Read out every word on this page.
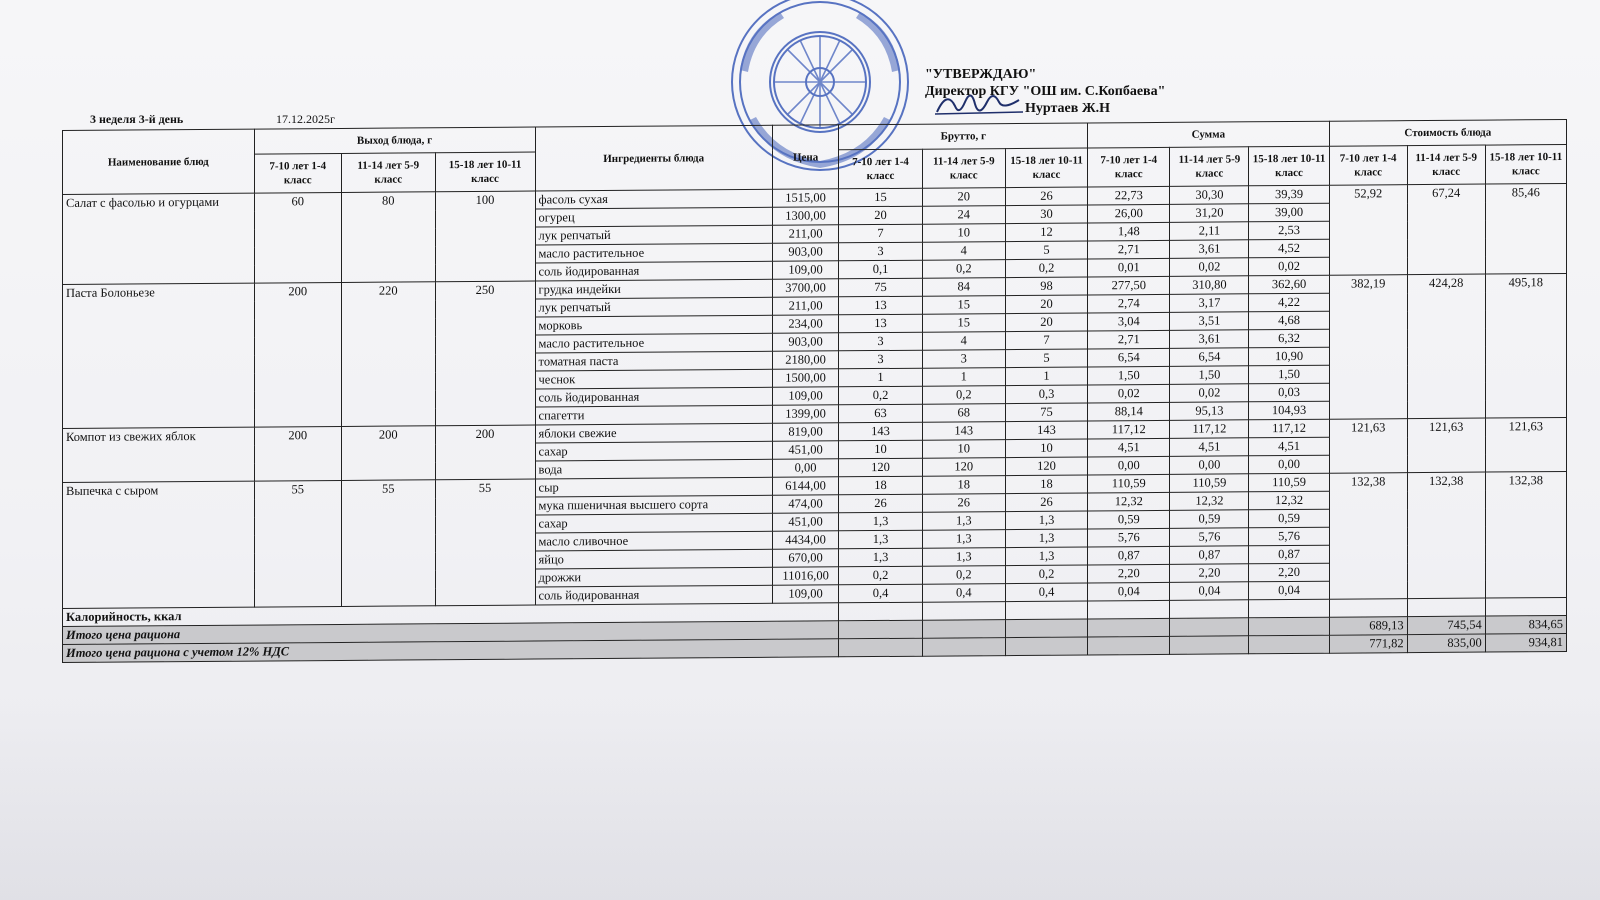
3 неделя 3-й день	17.12.2025г
"УТВЕРЖДАЮ"
Директор КГУ "ОШ им. С.Копбаева"
Нуртаев Ж.Н
Наименование блюд	Выход блюда, г			Ингредиенты блюда	Цена	Брутто, г			Сумма			Стоимость блюда		
	7-10 лет 1-4 класс	11-14 лет 5-9 класс	15-18 лет 10-11 класс			7-10 лет 1-4 класс	11-14 лет 5-9 класс	15-18 лет 10-11 класс	7-10 лет 1-4 класс	11-14 лет 5-9 класс	15-18 лет 10-11 класс	7-10 лет 1-4 класс	11-14 лет 5-9 класс	15-18 лет 10-11 класс
Салат с фасолью и огурцами	60	80	100	фасоль сухая	1515,00	15	20	26	22,73	30,30	39,39	52,92	67,24	85,46
				огурец	1300,00	20	24	30	26,00	31,20	39,00			
				лук репчатый	211,00	7	10	12	1,48	2,11	2,53			
				масло растительное	903,00	3	4	5	2,71	3,61	4,52			
				соль йодированная	109,00	0,1	0,2	0,2	0,01	0,02	0,02			
Паста Болоньезе	200	220	250	грудка индейки	3700,00	75	84	98	277,50	310,80	362,60	382,19	424,28	495,18
				лук репчатый	211,00	13	15	20	2,74	3,17	4,22			
				морковь	234,00	13	15	20	3,04	3,51	4,68			
				масло растительное	903,00	3	4	7	2,71	3,61	6,32			
				томатная паста	2180,00	3	3	5	6,54	6,54	10,90			
				чеснок	1500,00	1	1	1	1,50	1,50	1,50			
				соль йодированная	109,00	0,2	0,2	0,3	0,02	0,02	0,03			
				спагетти	1399,00	63	68	75	88,14	95,13	104,93			
Компот из свежих яблок	200	200	200	яблоки свежие	819,00	143	143	143	117,12	117,12	117,12	121,63	121,63	121,63
				сахар	451,00	10	10	10	4,51	4,51	4,51			
				вода	0,00	120	120	120	0,00	0,00	0,00			
Выпечка с сыром	55	55	55	сыр	6144,00	18	18	18	110,59	110,59	110,59	132,38	132,38	132,38
				мука пшеничная высшего сорта	474,00	26	26	26	12,32	12,32	12,32			
				сахар	451,00	1,3	1,3	1,3	0,59	0,59	0,59			
				масло сливочное	4434,00	1,3	1,3	1,3	5,76	5,76	5,76			
				яйцо	670,00	1,3	1,3	1,3	0,87	0,87	0,87			
				дрожжи	11016,00	0,2	0,2	0,2	2,20	2,20	2,20			
				соль йодированная	109,00	0,4	0,4	0,4	0,04	0,04	0,04			
Калорийность, ккал														
Итого цена рациона												689,13	745,54	834,65
Итого цена рациона с учетом 12% НДС												771,82	835,00	934,81
